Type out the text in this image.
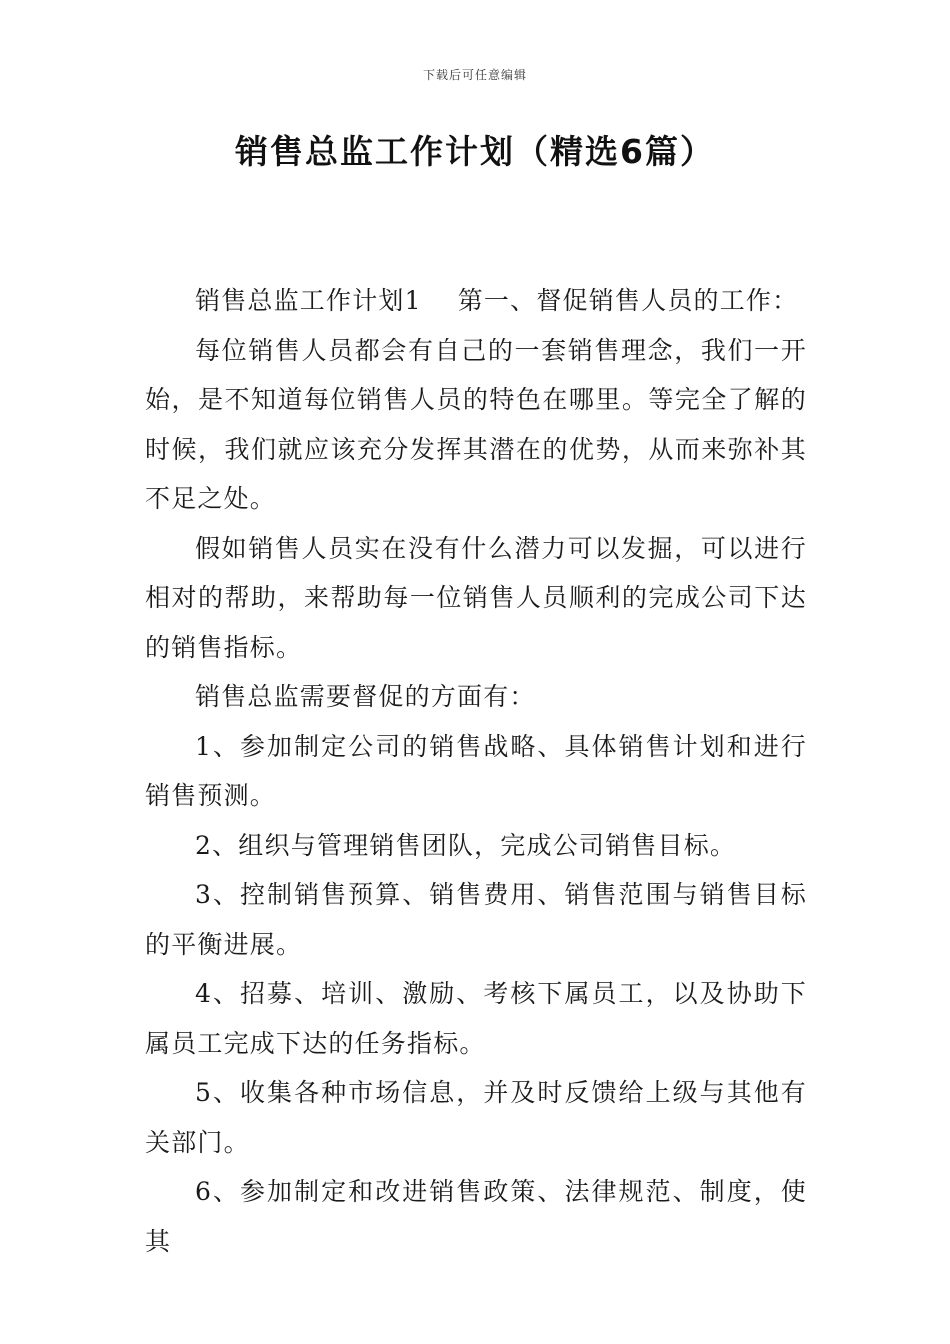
下载后可任意编辑
销售总监工作计划（精选6篇）

销售总监工作计划1 第一、督促销售人员的工作：

每位销售人员都会有自己的一套销售理念，我们一开始，是不知道每位销售人员的特色在哪里。等完全了解的时候，我们就应该充分发挥其潜在的优势，从而来弥补其不足之处。

假如销售人员实在没有什么潜力可以发掘，可以进行相对的帮助，来帮助每一位销售人员顺利的完成公司下达的销售指标。

销售总监需要督促的方面有：

1、参加制定公司的销售战略、具体销售计划和进行销售预测。

2、组织与管理销售团队，完成公司销售目标。

3、控制销售预算、销售费用、销售范围与销售目标的平衡进展。

4、招募、培训、激励、考核下属员工，以及协助下属员工完成下达的任务指标。

5、收集各种市场信息，并及时反馈给上级与其他有关部门。

6、参加制定和改进销售政策、法律规范、制度，使其
